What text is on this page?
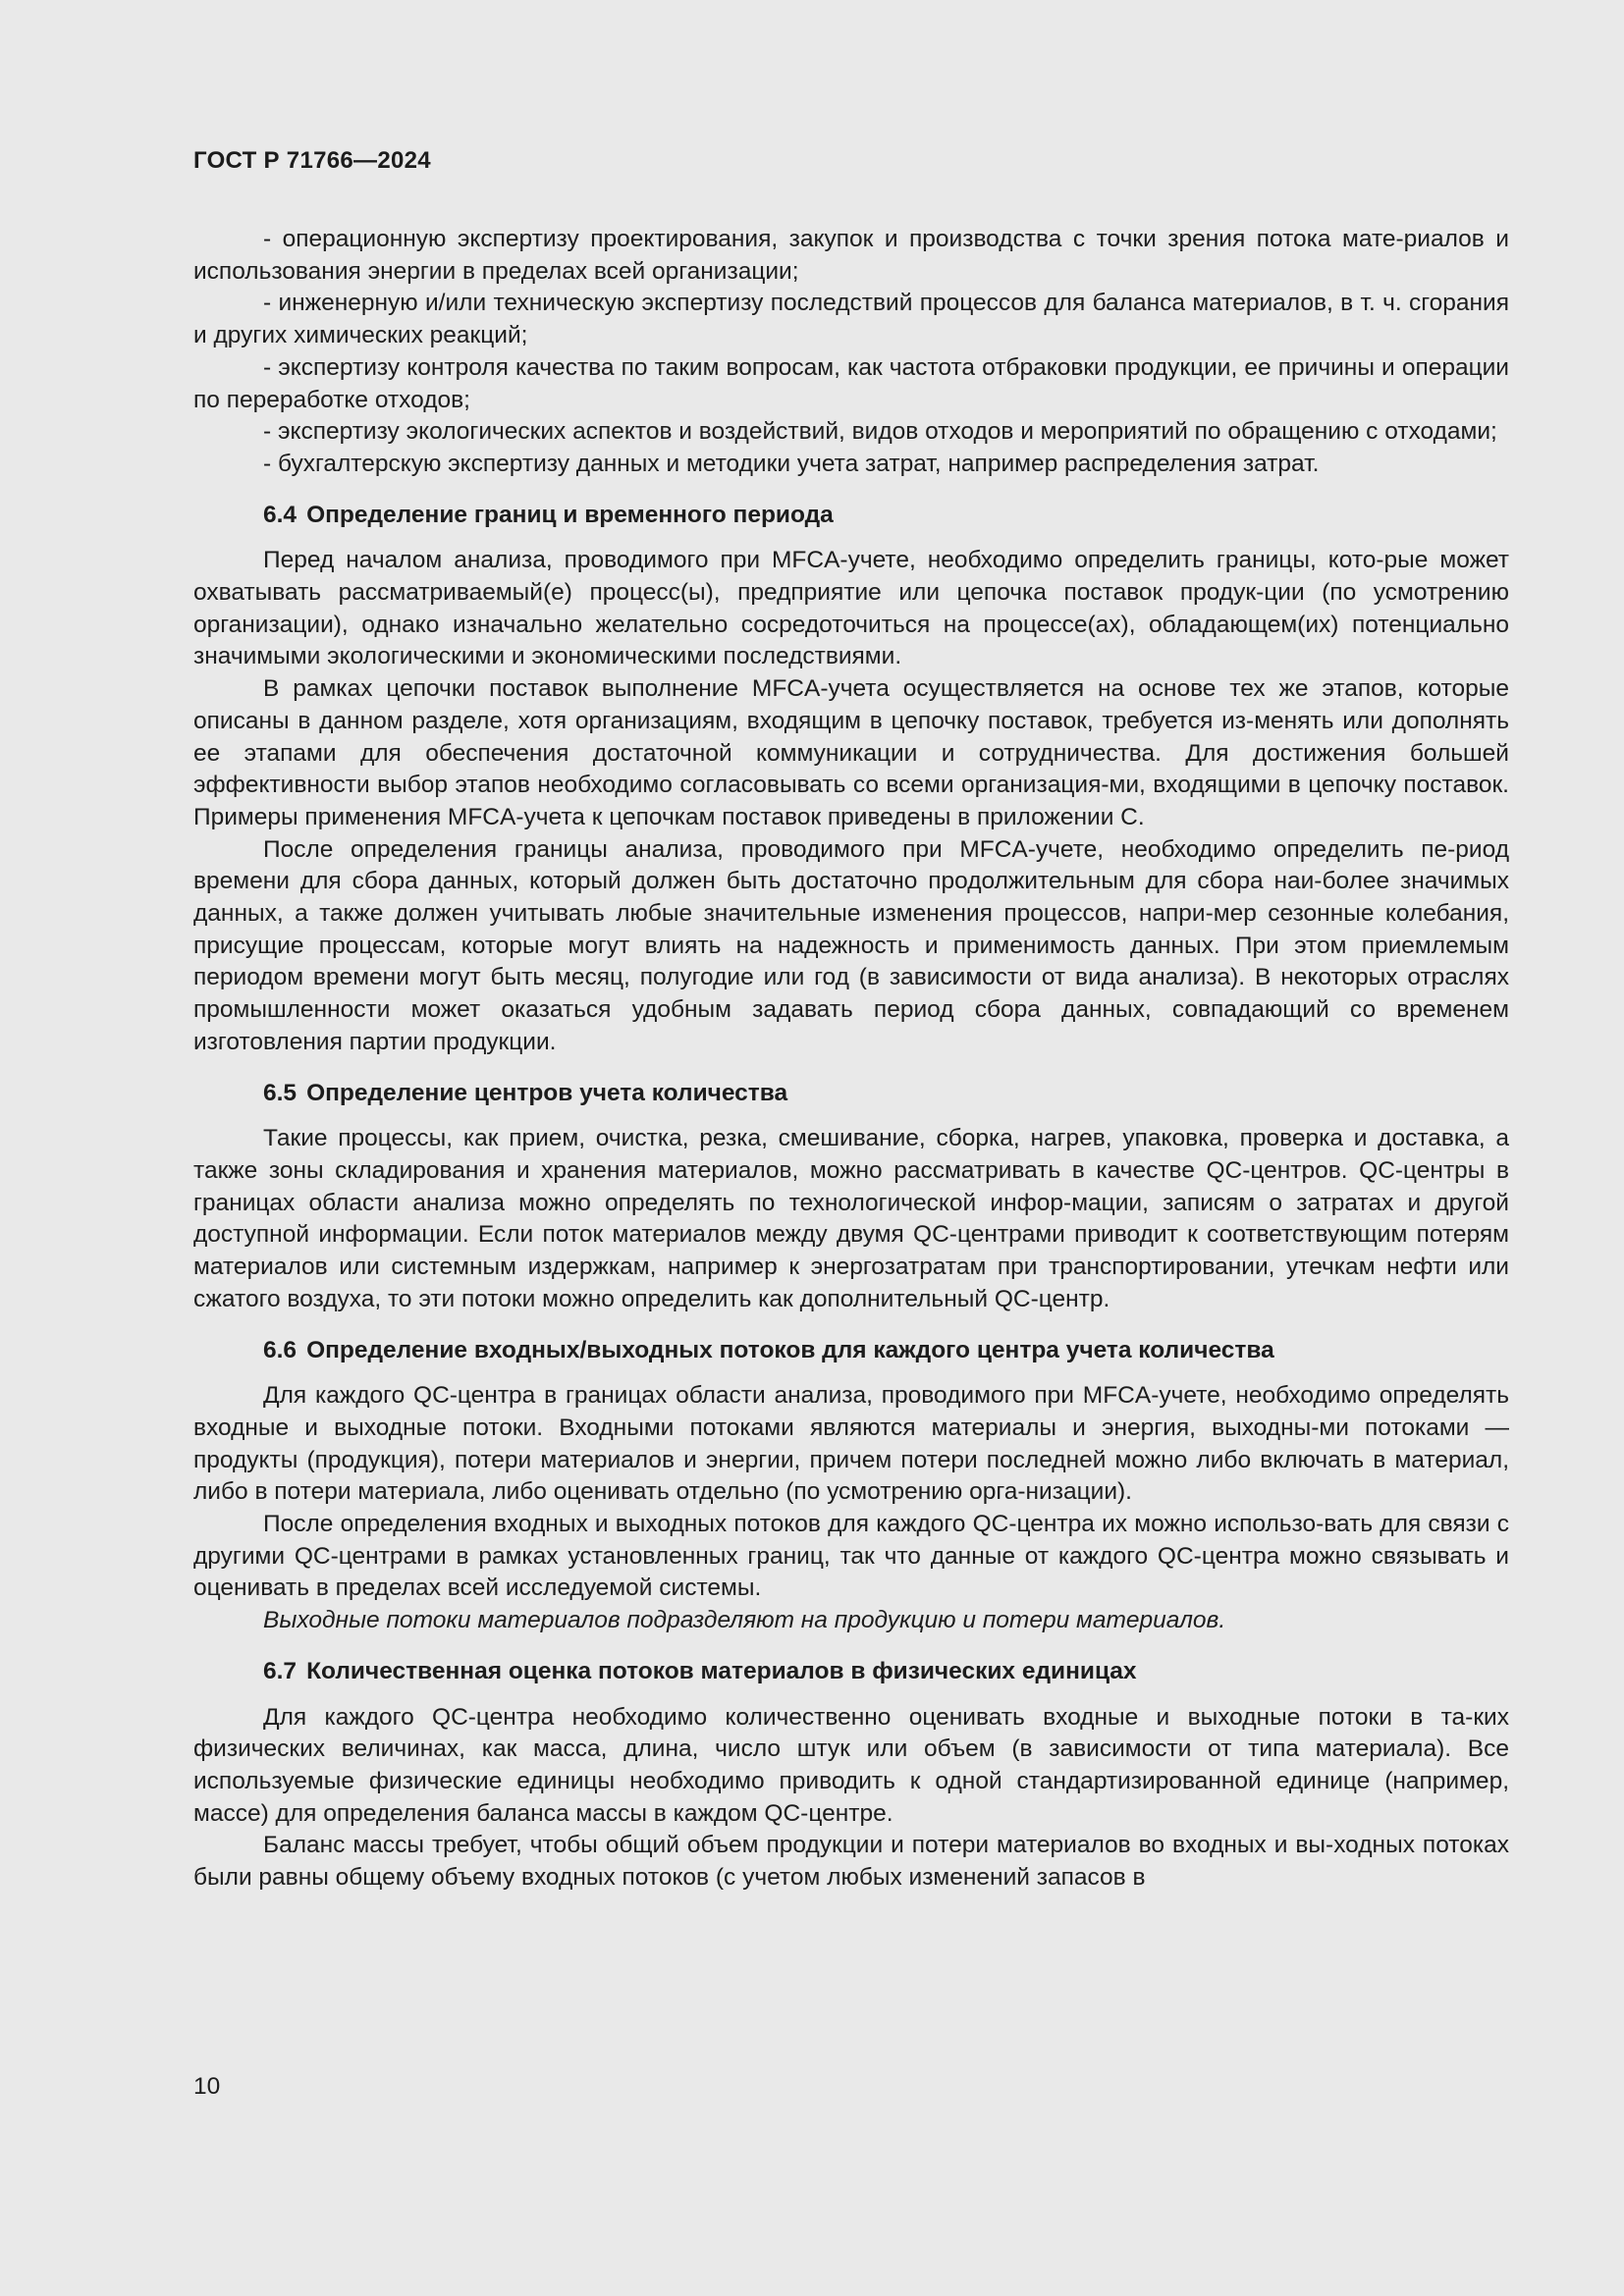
ГОСТ Р 71766—2024

- операционную экспертизу проектирования, закупок и производства с точки зрения потока мате-риалов и использования энергии в пределах всей организации;

- инженерную и/или техническую экспертизу последствий процессов для баланса материалов, в т. ч. сгорания и других химических реакций;

- экспертизу контроля качества по таким вопросам, как частота отбраковки продукции, ее причины и операции по переработке отходов;

- экспертизу экологических аспектов и воздействий, видов отходов и мероприятий по обращению с отходами;

- бухгалтерскую экспертизу данных и методики учета затрат, например распределения затрат.

6.4 Определение границ и временного периода

Перед началом анализа, проводимого при MFCA-учете, необходимо определить границы, кото-рые может охватывать рассматриваемый(е) процесс(ы), предприятие или цепочка поставок продук-ции (по усмотрению организации), однако изначально желательно сосредоточиться на процессе(ах), обладающем(их) потенциально значимыми экологическими и экономическими последствиями.

В рамках цепочки поставок выполнение MFCA-учета осуществляется на основе тех же этапов, которые описаны в данном разделе, хотя организациям, входящим в цепочку поставок, требуется из-менять или дополнять ее этапами для обеспечения достаточной коммуникации и сотрудничества. Для достижения большей эффективности выбор этапов необходимо согласовывать со всеми организация-ми, входящими в цепочку поставок. Примеры применения MFCA-учета к цепочкам поставок приведены в приложении С.

После определения границы анализа, проводимого при MFCA-учете, необходимо определить пе-риод времени для сбора данных, который должен быть достаточно продолжительным для сбора наи-более значимых данных, а также должен учитывать любые значительные изменения процессов, напри-мер сезонные колебания, присущие процессам, которые могут влиять на надежность и применимость данных. При этом приемлемым периодом времени могут быть месяц, полугодие или год (в зависимости от вида анализа). В некоторых отраслях промышленности может оказаться удобным задавать период сбора данных, совпадающий со временем изготовления партии продукции.

6.5 Определение центров учета количества

Такие процессы, как прием, очистка, резка, смешивание, сборка, нагрев, упаковка, проверка и доставка, а также зоны складирования и хранения материалов, можно рассматривать в качестве QC-центров. QC-центры в границах области анализа можно определять по технологической инфор-мации, записям о затратах и другой доступной информации. Если поток материалов между двумя QC-центрами приводит к соответствующим потерям материалов или системным издержкам, например к энергозатратам при транспортировании, утечкам нефти или сжатого воздуха, то эти потоки можно определить как дополнительный QC-центр.

6.6 Определение входных/выходных потоков для каждого центра учета количества

Для каждого QC-центра в границах области анализа, проводимого при MFCA-учете, необходимо определять входные и выходные потоки. Входными потоками являются материалы и энергия, выходны-ми потоками — продукты (продукция), потери материалов и энергии, причем потери последней можно либо включать в материал, либо в потери материала, либо оценивать отдельно (по усмотрению орга-низации).

После определения входных и выходных потоков для каждого QC-центра их можно использо-вать для связи с другими QC-центрами в рамках установленных границ, так что данные от каждого QC-центра можно связывать и оценивать в пределах всей исследуемой системы.

Выходные потоки материалов подразделяют на продукцию и потери материалов.

6.7 Количественная оценка потоков материалов в физических единицах

Для каждого QC-центра необходимо количественно оценивать входные и выходные потоки в та-ких физических величинах, как масса, длина, число штук или объем (в зависимости от типа материала). Все используемые физические единицы необходимо приводить к одной стандартизированной единице (например, массе) для определения баланса массы в каждом QC-центре.

Баланс массы требует, чтобы общий объем продукции и потери материалов во входных и вы-ходных потоках были равны общему объему входных потоков (с учетом любых изменений запасов в

10
